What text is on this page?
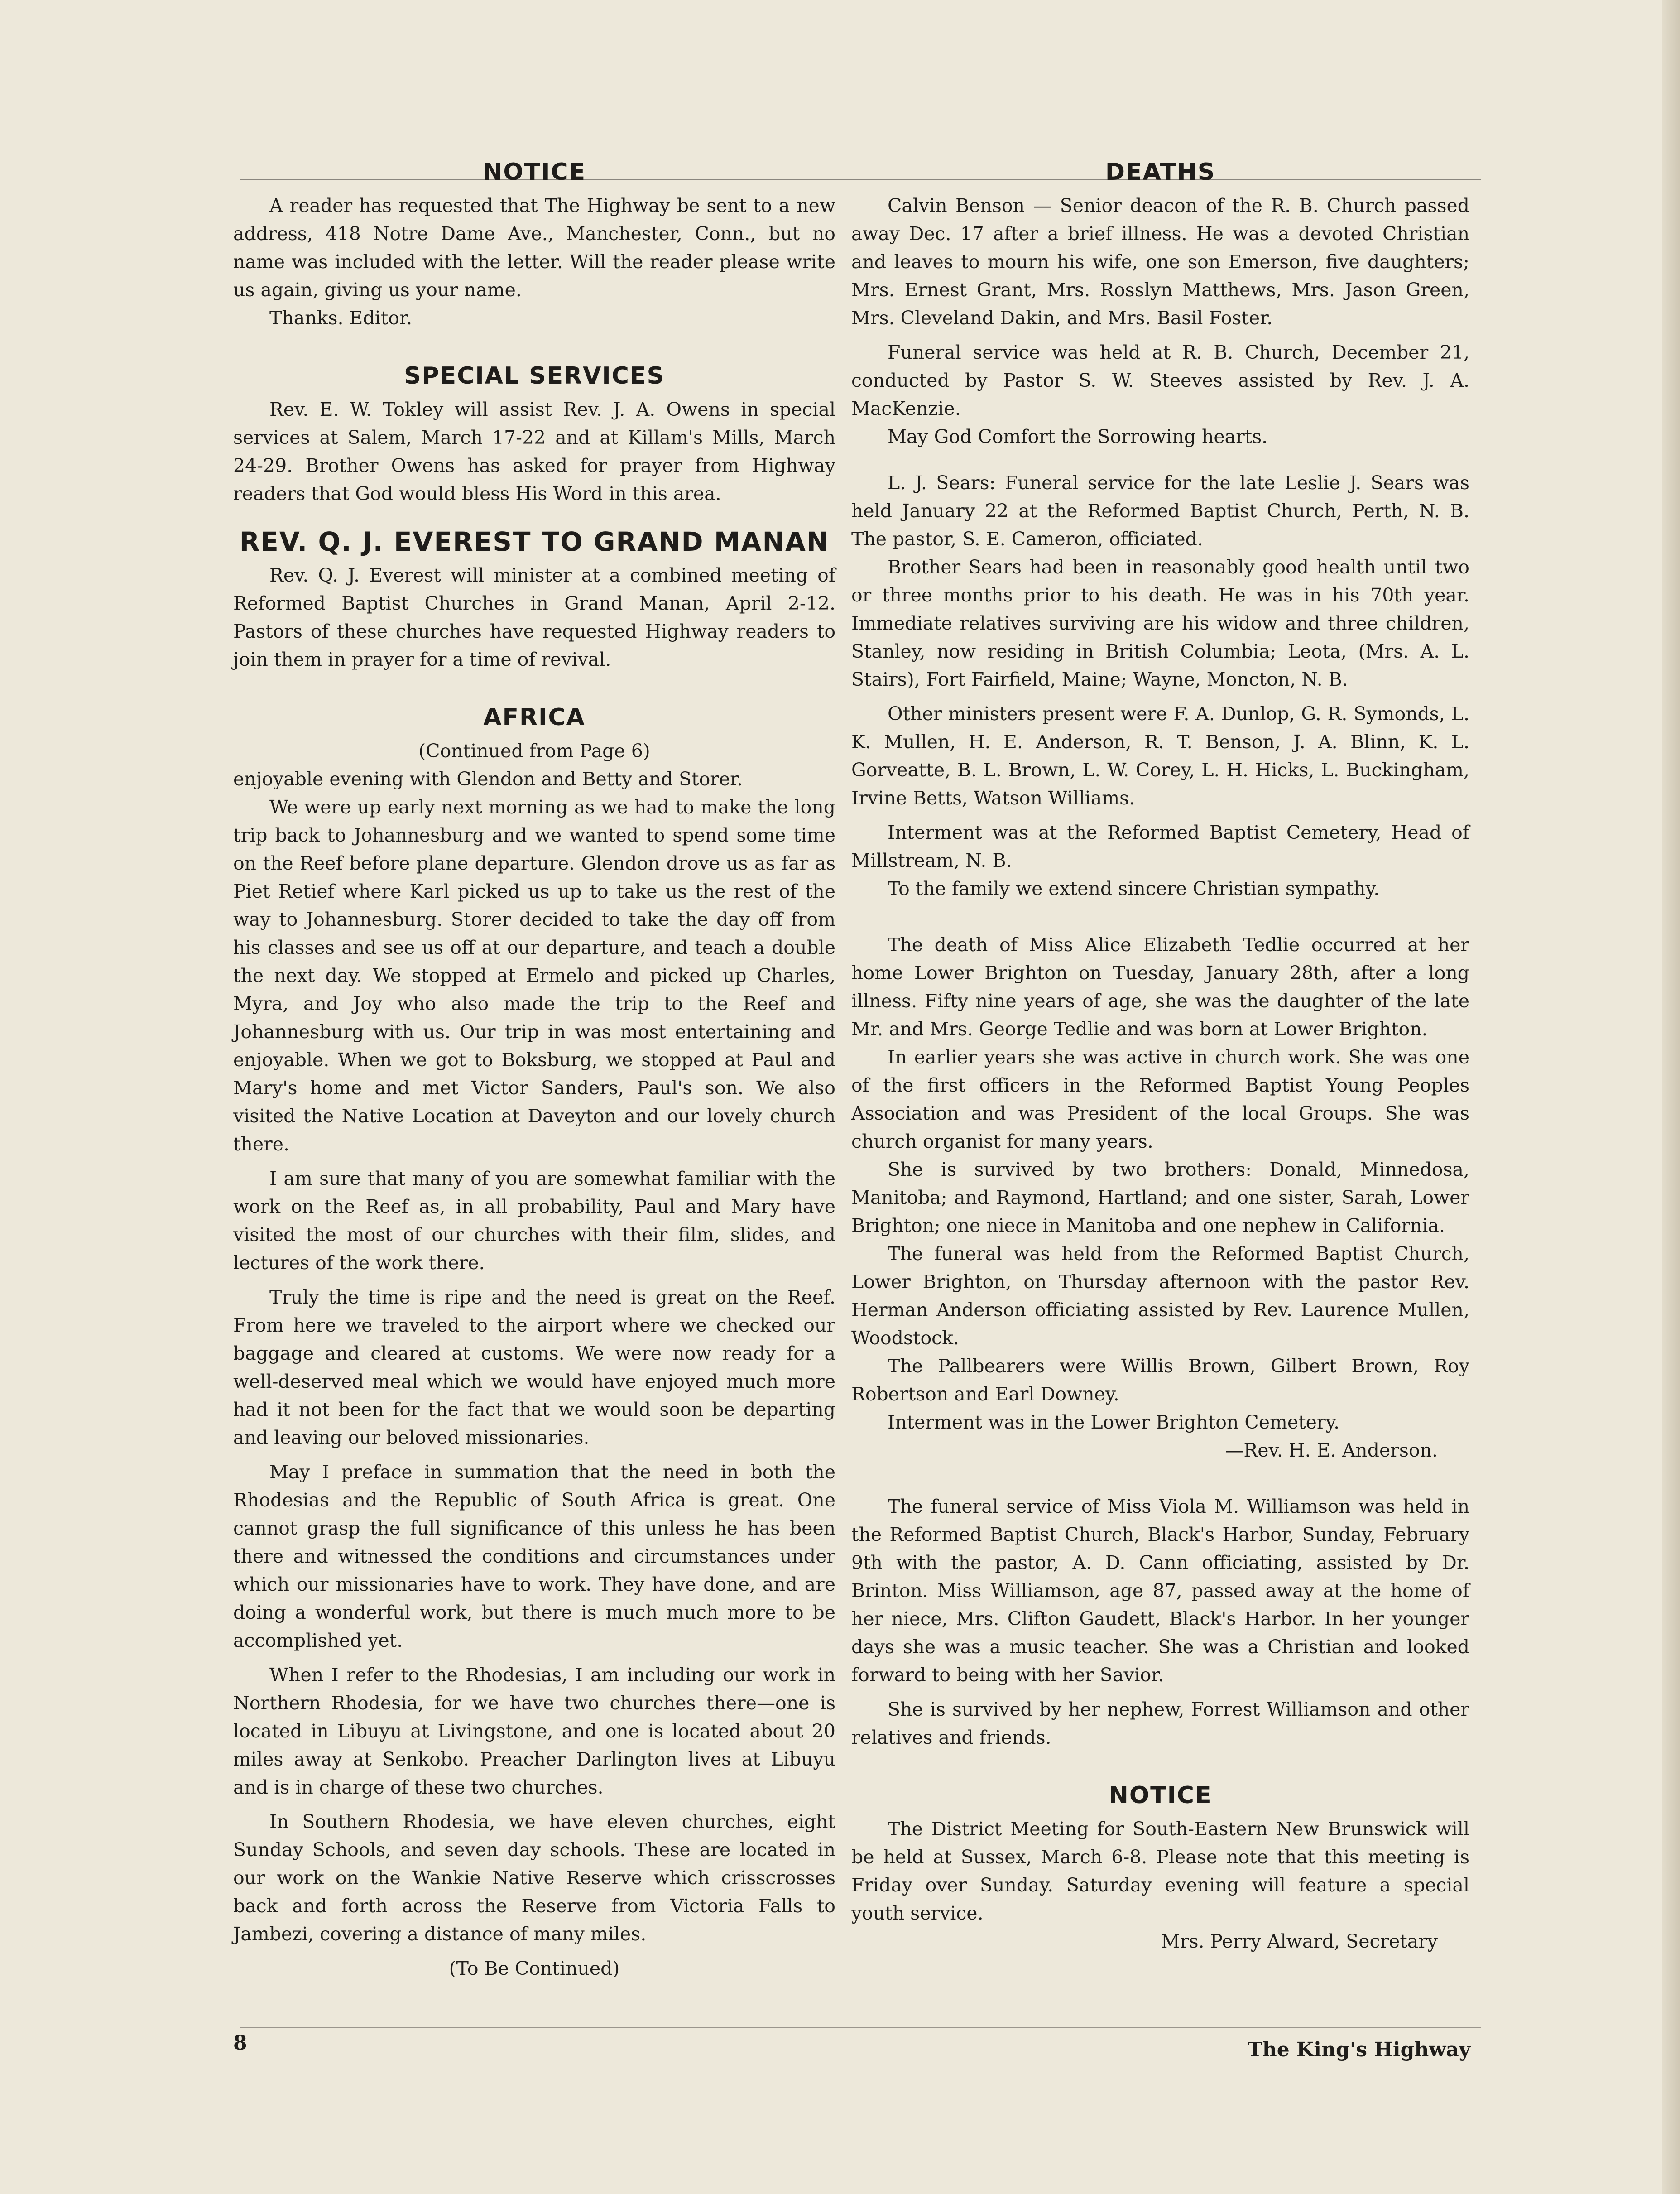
NOTICE

A reader has requested that The Highway be sent to a new address, 418 Notre Dame Ave., Manchester, Conn., but no name was included with the letter. Will the reader please write us again, giving us your name.

Thanks. Editor.

SPECIAL SERVICES

Rev. E. W. Tokley will assist Rev. J. A. Owens in special services at Salem, March 17-22 and at Killam's Mills, March 24-29. Brother Owens has asked for prayer from Highway readers that God would bless His Word in this area.

REV. Q. J. EVEREST TO GRAND MANAN

Rev. Q. J. Everest will minister at a combined meeting of Reformed Baptist Churches in Grand Manan, April 2-12. Pastors of these churches have requested Highway readers to join them in prayer for a time of revival.

AFRICA

(Continued from Page 6)

enjoyable evening with Glendon and Betty and Storer.

We were up early next morning as we had to make the long trip back to Johannesburg and we wanted to spend some time on the Reef before plane departure. Glendon drove us as far as Piet Retief where Karl picked us up to take us the rest of the way to Johannesburg. Storer decided to take the day off from his classes and see us off at our departure, and teach a double the next day. We stopped at Ermelo and picked up Charles, Myra, and Joy who also made the trip to the Reef and Johannesburg with us. Our trip in was most entertaining and enjoyable. When we got to Boksburg, we stopped at Paul and Mary's home and met Victor Sanders, Paul's son. We also visited the Native Location at Daveyton and our lovely church there.

I am sure that many of you are somewhat familiar with the work on the Reef as, in all probability, Paul and Mary have visited the most of our churches with their film, slides, and lectures of the work there.

Truly the time is ripe and the need is great on the Reef. From here we traveled to the airport where we checked our baggage and cleared at customs. We were now ready for a well-deserved meal which we would have enjoyed much more had it not been for the fact that we would soon be departing and leaving our beloved missionaries.

May I preface in summation that the need in both the Rhodesias and the Republic of South Africa is great. One cannot grasp the full significance of this unless he has been there and witnessed the conditions and circumstances under which our missionaries have to work. They have done, and are doing a wonderful work, but there is much much more to be accomplished yet.

When I refer to the Rhodesias, I am including our work in Northern Rhodesia, for we have two churches there—one is located in Libuyu at Livingstone, and one is located about 20 miles away at Senkobo. Preacher Darlington lives at Libuyu and is in charge of these two churches.

In Southern Rhodesia, we have eleven churches, eight Sunday Schools, and seven day schools. These are located in our work on the Wankie Native Reserve which crisscrosses back and forth across the Reserve from Victoria Falls to Jambezi, covering a distance of many miles.

(To Be Continued)

DEATHS

Calvin Benson — Senior deacon of the R. B. Church passed away Dec. 17 after a brief illness. He was a devoted Christian and leaves to mourn his wife, one son Emerson, five daughters; Mrs. Ernest Grant, Mrs. Rosslyn Matthews, Mrs. Jason Green, Mrs. Cleveland Dakin, and Mrs. Basil Foster.

Funeral service was held at R. B. Church, December 21, conducted by Pastor S. W. Steeves assisted by Rev. J. A. MacKenzie.

May God Comfort the Sorrowing hearts.

L. J. Sears: Funeral service for the late Leslie J. Sears was held January 22 at the Reformed Baptist Church, Perth, N. B. The pastor, S. E. Cameron, officiated.

Brother Sears had been in reasonably good health until two or three months prior to his death. He was in his 70th year. Immediate relatives surviving are his widow and three children, Stanley, now residing in British Columbia; Leota, (Mrs. A. L. Stairs), Fort Fairfield, Maine; Wayne, Moncton, N. B.

Other ministers present were F. A. Dunlop, G. R. Symonds, L. K. Mullen, H. E. Anderson, R. T. Benson, J. A. Blinn, K. L. Gorveatte, B. L. Brown, L. W. Corey, L. H. Hicks, L. Buckingham, Irvine Betts, Watson Williams.

Interment was at the Reformed Baptist Cemetery, Head of Millstream, N. B.

To the family we extend sincere Christian sympathy.

The death of Miss Alice Elizabeth Tedlie occurred at her home Lower Brighton on Tuesday, January 28th, after a long illness. Fifty nine years of age, she was the daughter of the late Mr. and Mrs. George Tedlie and was born at Lower Brighton.

In earlier years she was active in church work. She was one of the first officers in the Reformed Baptist Young Peoples Association and was President of the local Groups. She was church organist for many years.

She is survived by two brothers: Donald, Minnedosa, Manitoba; and Raymond, Hartland; and one sister, Sarah, Lower Brighton; one niece in Manitoba and one nephew in California.

The funeral was held from the Reformed Baptist Church, Lower Brighton, on Thursday afternoon with the pastor Rev. Herman Anderson officiating assisted by Rev. Laurence Mullen, Woodstock.

The Pallbearers were Willis Brown, Gilbert Brown, Roy Robertson and Earl Downey.

Interment was in the Lower Brighton Cemetery.

—Rev. H. E. Anderson.

The funeral service of Miss Viola M. Williamson was held in the Reformed Baptist Church, Black's Harbor, Sunday, February 9th with the pastor, A. D. Cann officiating, assisted by Dr. Brinton. Miss Williamson, age 87, passed away at the home of her niece, Mrs. Clifton Gaudett, Black's Harbor. In her younger days she was a music teacher. She was a Christian and looked forward to being with her Savior.

She is survived by her nephew, Forrest Williamson and other relatives and friends.

NOTICE

The District Meeting for South-Eastern New Brunswick will be held at Sussex, March 6-8. Please note that this meeting is Friday over Sunday. Saturday evening will feature a special youth service.

Mrs. Perry Alward, Secretary

8	The King's Highway
